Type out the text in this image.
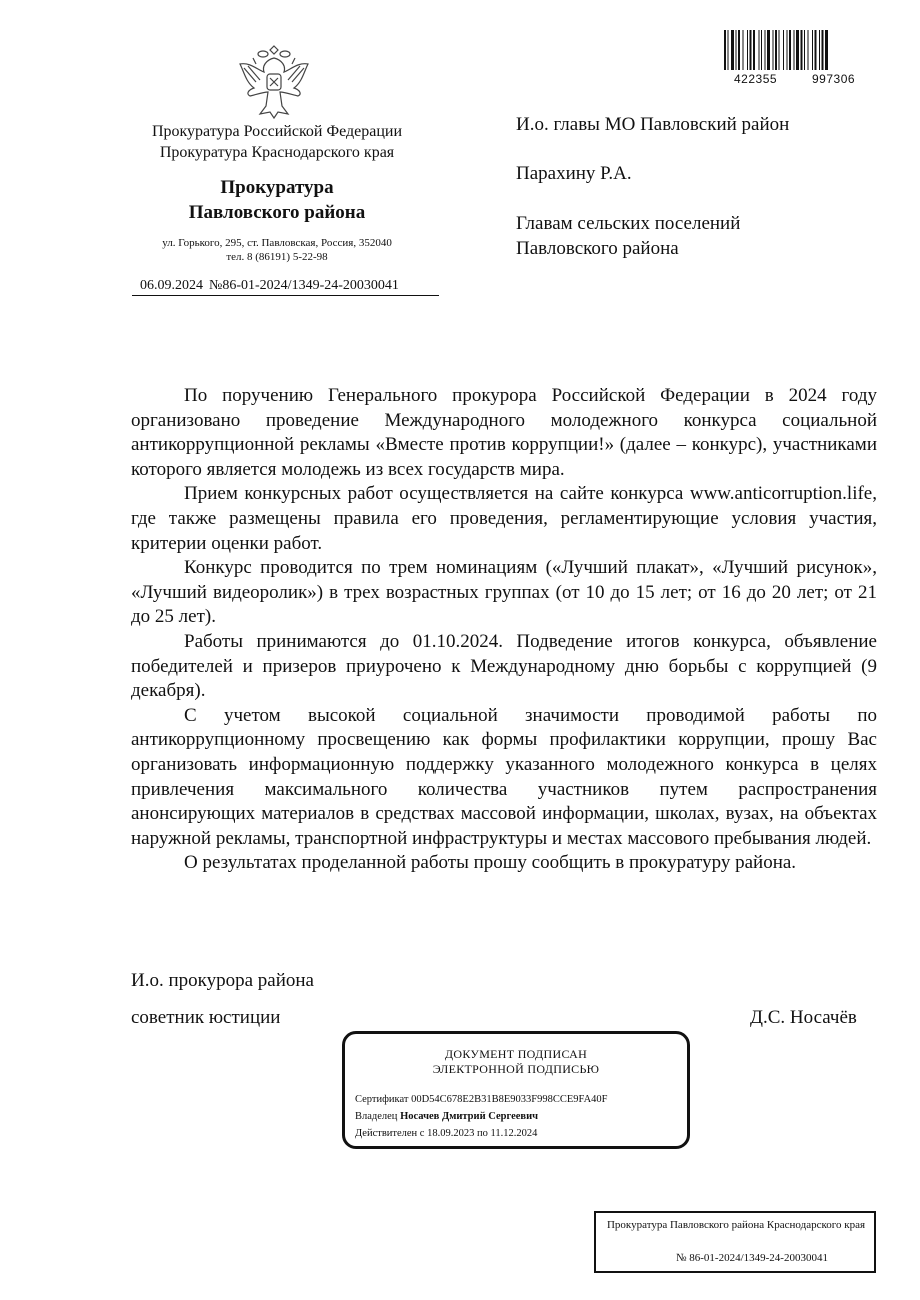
Прокуратура Российской Федерации
Прокуратура Краснодарского края
Прокуратура
Павловского района
ул. Горького, 295, ст. Павловская, Россия, 352040
тел. 8 (86191) 5-22-98
06.09.2024 №86-01-2024/1349-24-20030041
422355	997306
И.о. главы МО Павловский район
Парахину Р.А.
Главам сельских поселений
Павловского района

По поручению Генерального прокурора Российской Федерации в 2024 году организовано проведение Международного молодежного конкурса социальной антикоррупционной рекламы «Вместе против коррупции!» (далее – конкурс), участниками которого является молодежь из всех государств мира.

Прием конкурсных работ осуществляется на сайте конкурса www.anticorruption.life, где также размещены правила его проведения, регламентирующие условия участия, критерии оценки работ.

Конкурс проводится по трем номинациям («Лучший плакат», «Лучший рисунок», «Лучший видеоролик») в трех возрастных группах (от 10 до 15 лет; от 16 до 20 лет; от 21 до 25 лет).

Работы принимаются до 01.10.2024. Подведение итогов конкурса, объявление победителей и призеров приурочено к Международному дню борьбы с коррупцией (9 декабря).

С учетом высокой социальной значимости проводимой работы по антикоррупционному просвещению как формы профилактики коррупции, прошу Вас организовать информационную поддержку указанного молодежного конкурса в целях привлечения максимального количества участников путем распространения анонсирующих материалов в средствах массовой информации, школах, вузах, на объектах наружной рекламы, транспортной инфраструктуры и местах массового пребывания людей.

О результатах проделанной работы прошу сообщить в прокуратуру района.

И.о. прокурора района
советник юстиции	Д.С. Носачёв
ДОКУМЕНТ ПОДПИСАН
ЭЛЕКТРОННОЙ ПОДПИСЬЮ
Сертификат 00D54C678E2B31B8E9033F998CCE9FA40F
Владелец Носачев Дмитрий Сергеевич
Действителен с 18.09.2023 по 11.12.2024
Прокуратура Павловского района Краснодарского края
№ 86-01-2024/1349-24-20030041
